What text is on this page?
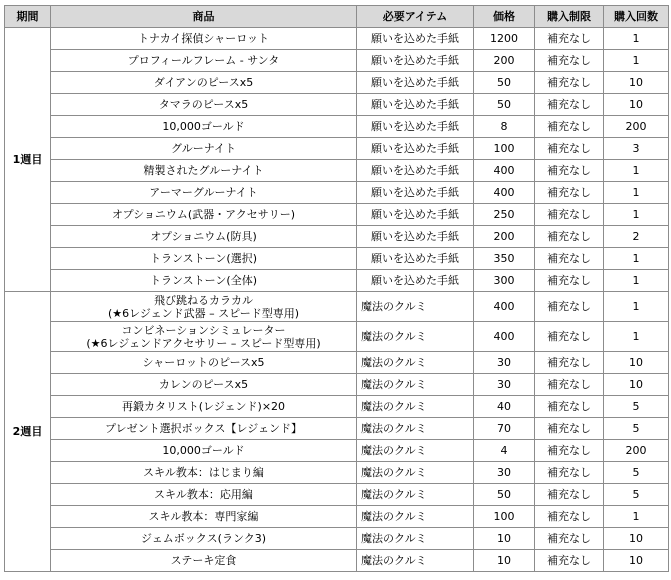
期間	商品	必要アイテム	価格	購入制限	購入回数
1週目	トナカイ探偵シャーロット	願いを込めた手紙	1200	補充なし	1

	プロフィールフレーム - サンタ	願いを込めた手紙	200	補充なし	1

	ダイアンのピースx5	願いを込めた手紙	50	補充なし	10

	タマラのピースx5	願いを込めた手紙	50	補充なし	10

	10,000ゴールド	願いを込めた手紙	8	補充なし	200

	グルーナイト	願いを込めた手紙	100	補充なし	3

	精製されたグルーナイト	願いを込めた手紙	400	補充なし	1

	アーマーグルーナイト	願いを込めた手紙	400	補充なし	1

	オプショニウム(武器・アクセサリー)	願いを込めた手紙	250	補充なし	1

	オプショニウム(防具)	願いを込めた手紙	200	補充なし	2

	トランストーン(選択)	願いを込めた手紙	350	補充なし	1

	トランストーン(全体)	願いを込めた手紙	300	補充なし	1
2週目	飛び跳ねるカラカル
(★6レジェンド武器 – スピード型専用)	魔法のクルミ	400	補充なし	1

	コンビネーションシミュレーター
(★6レジェンドアクセサリー – スピード型専用)	魔法のクルミ	400	補充なし	1

	シャーロットのピースx5	魔法のクルミ	30	補充なし	10

	カレンのピースx5	魔法のクルミ	30	補充なし	10

	再鍛カタリスト(レジェンド)×20	魔法のクルミ	40	補充なし	5

	プレゼント選択ボックス【レジェンド】	魔法のクルミ	70	補充なし	5

	10,000ゴールド	魔法のクルミ	4	補充なし	200

	スキル教本：はじまり編	魔法のクルミ	30	補充なし	5

	スキル教本：応用編	魔法のクルミ	50	補充なし	5

	スキル教本：専門家編	魔法のクルミ	100	補充なし	1

	ジェムボックス(ランク3)	魔法のクルミ	10	補充なし	10

	ステーキ定食	魔法のクルミ	10	補充なし	10
